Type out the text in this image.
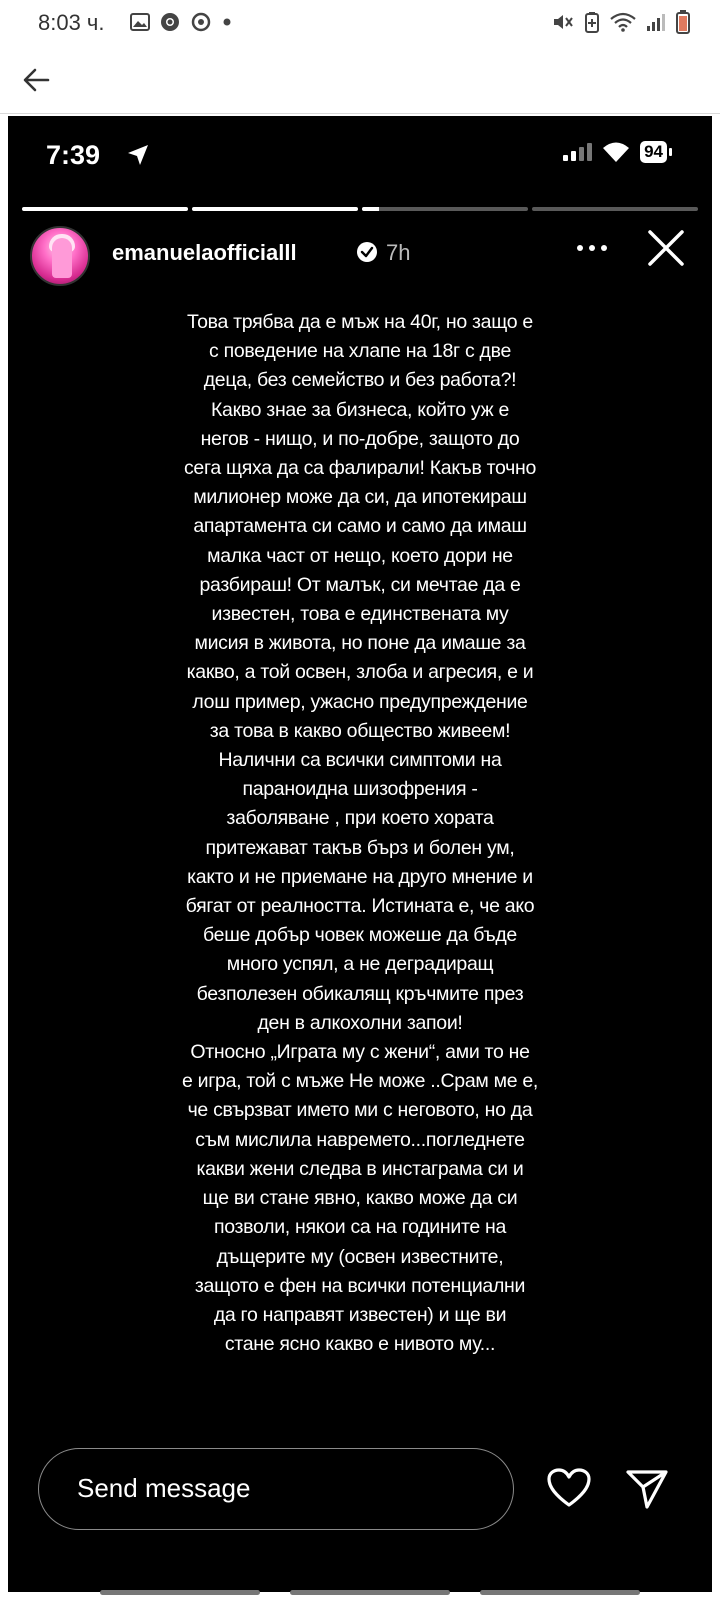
8:03 ч.
7:39	94
emanuelaofficialll	7h
Това трябва да е мъж на 40г, но защо е
с поведение на хлапе на 18г с две
деца, без семейство и без работа?!
Какво знае за бизнеса, който уж е
негов - нищо, и по-добре, защото до
сега щяха да са фалирали! Какъв точно
милионер може да си, да ипотекираш
апартамента си само и само да имаш
малка част от нещо, което дори не
разбираш! От малък, си мечтае да е
известен, това е единствената му
мисия в живота, но поне да имаше за
какво, а той освен, злоба и агресия, е и
лош пример, ужасно предупреждение
за това в какво общество живеем!
Налични са всички симптоми на
параноидна шизофрения -
заболяване , при което хората
притежават такъв бърз и болен ум,
както и не приемане на друго мнение и
бягат от реалността. Истината е, че ако
беше добър човек можеше да бъде
много успял, а не деградиращ
безполезен обикалящ кръчмите през
ден в алкохолни запои!
Относно „Играта му с жени“, ами то не
е игра, той с мъже Не може ..Срам ме е,
че свързват името ми с неговото, но да
съм мислила навремето...погледнете
какви жени следва в инстаграма си и
ще ви стане явно, какво може да си
позволи, някои са на годините на
дъщерите му (освен известните,
защото е фен на всички потенциални
да го направят известен) и ще ви
стане ясно какво е нивото му...
Send message
